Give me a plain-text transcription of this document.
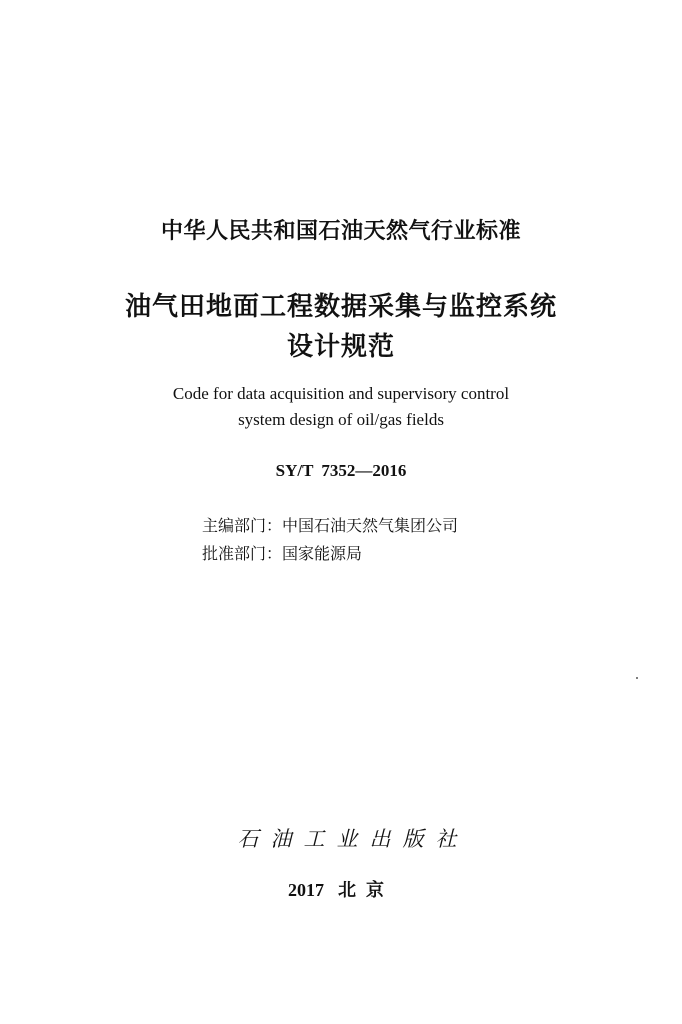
中华人民共和国石油天然气行业标准
油气田地面工程数据采集与监控系统
设计规范
Code for data acquisition and supervisory control
system design of oil/gas fields
SY/T 7352—2016
主编部门：中国石油天然气集团公司
批准部门：国家能源局
石油工业出版社
2017 北京
